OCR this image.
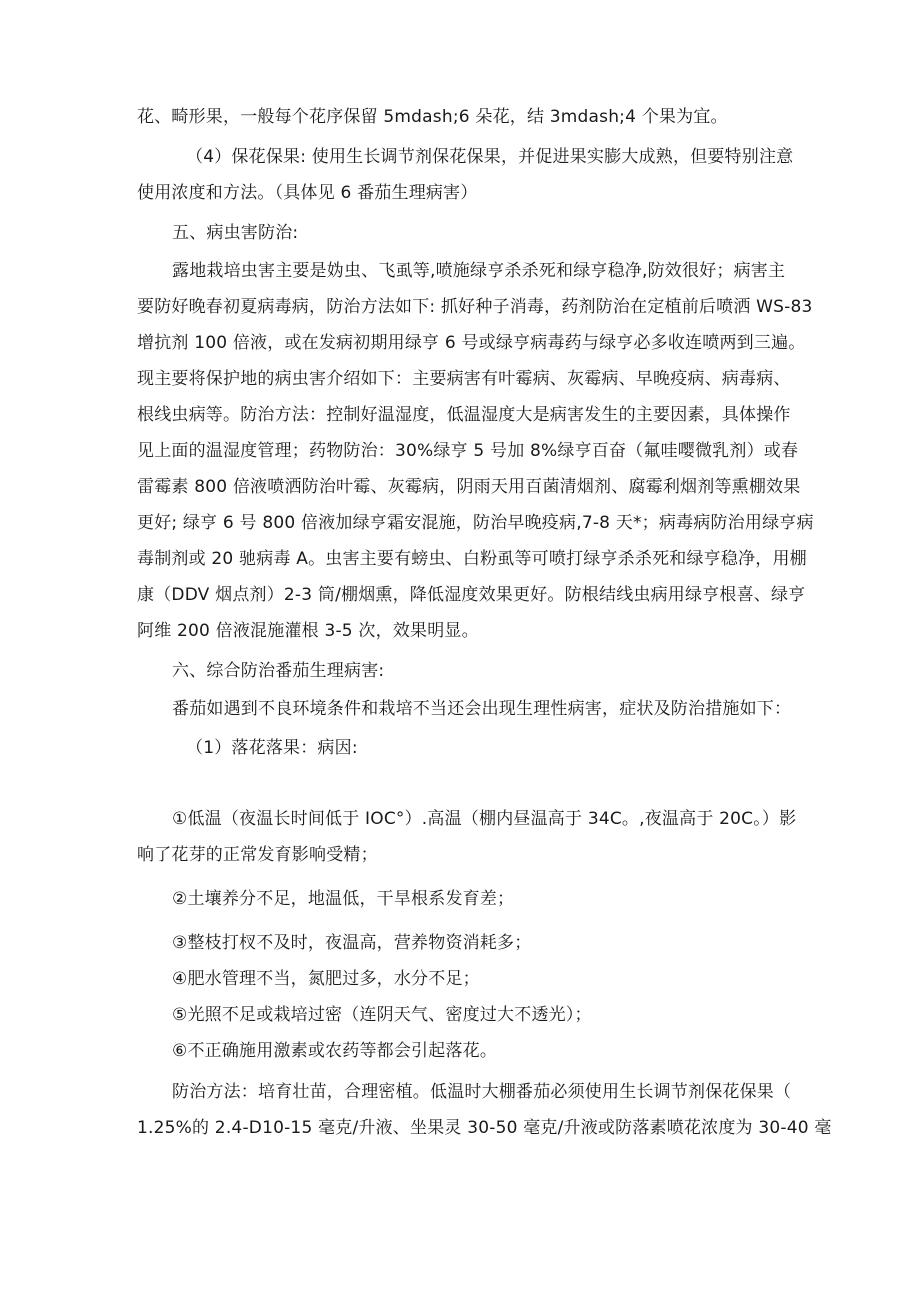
花、畸形果，一般每个花序保留 5mdash;6 朵花，结 3mdash;4 个果为宜。
（4）保花保果: 使用生长调节剂保花保果，并促进果实膨大成熟，但要特别注意
使用浓度和方法。（具体见 6 番茄生理病害）
五、病虫害防治:
露地栽培虫害主要是妫虫、飞虱等,喷施绿亨杀杀死和绿亨稳净,防效很好；病害主
要防好晚春初夏病毒病，防治方法如下: 抓好种子消毒，药剂防治在定植前后喷洒 WS-83
增抗剂 100 倍液，或在发病初期用绿亨 6 号或绿亨病毒药与绿亨必多收连喷两到三遍。
现主要将保护地的病虫害介绍如下：主要病害有叶霉病、灰霉病、早晚疫病、病毒病、
根线虫病等。防治方法：控制好温湿度，低温湿度大是病害发生的主要因素，具体操作
见上面的温湿度管理；药物防治：30%绿亨 5 号加 8%绿亨百奋（氟哇嘤微乳剂）或春
雷霉素 800 倍液喷洒防治叶霉、灰霉病，阴雨天用百菌清烟剂、腐霉利烟剂等熏棚效果
更好; 绿亨 6 号 800 倍液加绿亨霜安混施，防治早晚疫病,7-8 天*；病毒病防治用绿亨病
毒制剂或 20 驰病毒 A。虫害主要有螃虫、白粉虱等可喷打绿亨杀杀死和绿亨稳净，用棚
康（DDV 烟点剂）2-3 筒/棚烟熏，降低湿度效果更好。防根结线虫病用绿亨根喜、绿亨
阿维 200 倍液混施灌根 3-5 次，效果明显。
六、综合防治番茄生理病害:
番茄如遇到不良环境条件和栽培不当还会出现生理性病害，症状及防治措施如下：
（1）落花落果：病因:
①低温（夜温长时间低于 IOC°）.高温（棚内昼温高于 34C。,夜温高于 20C。）影
响了花芽的正常发育影响受精；
②土壤养分不足，地温低，干旱根系发育差；
③整枝打杈不及时，夜温高，营养物资消耗多；
④肥水管理不当，氮肥过多，水分不足；
⑤光照不足或栽培过密（连阴天气、密度过大不透光）；
⑥不正确施用激素或农药等都会引起落花。
防治方法：培育壮苗，合理密植。低温时大棚番茄必须使用生长调节剂保花保果（
1.25%的 2.4-D10-15 毫克/升液、坐果灵 30-50 毫克/升液或防落素喷花浓度为 30-40 毫
